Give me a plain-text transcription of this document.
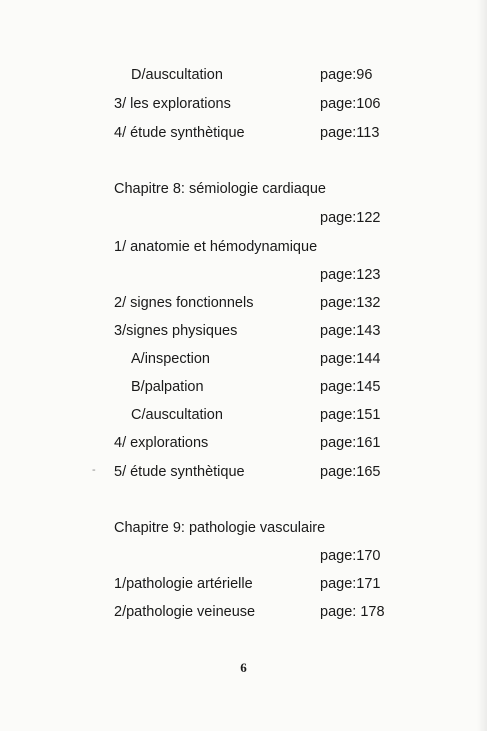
D/auscultation	page:96
3/ les explorations	page:106
4/ étude synthètique	page:113
Chapitre 8: sémiologie cardiaque
page:122
1/ anatomie et hémodynamique
page:123
2/ signes fonctionnels	page:132
3/signes physiques	page:143
A/inspection	page:144
B/palpation	page:145
C/auscultation	page:151
4/ explorations	page:161
5/ étude synthètique	page:165
Chapitre 9: pathologie vasculaire
page:170
1/pathologie artérielle	page:171
2/pathologie veineuse	page: 178
6
-
